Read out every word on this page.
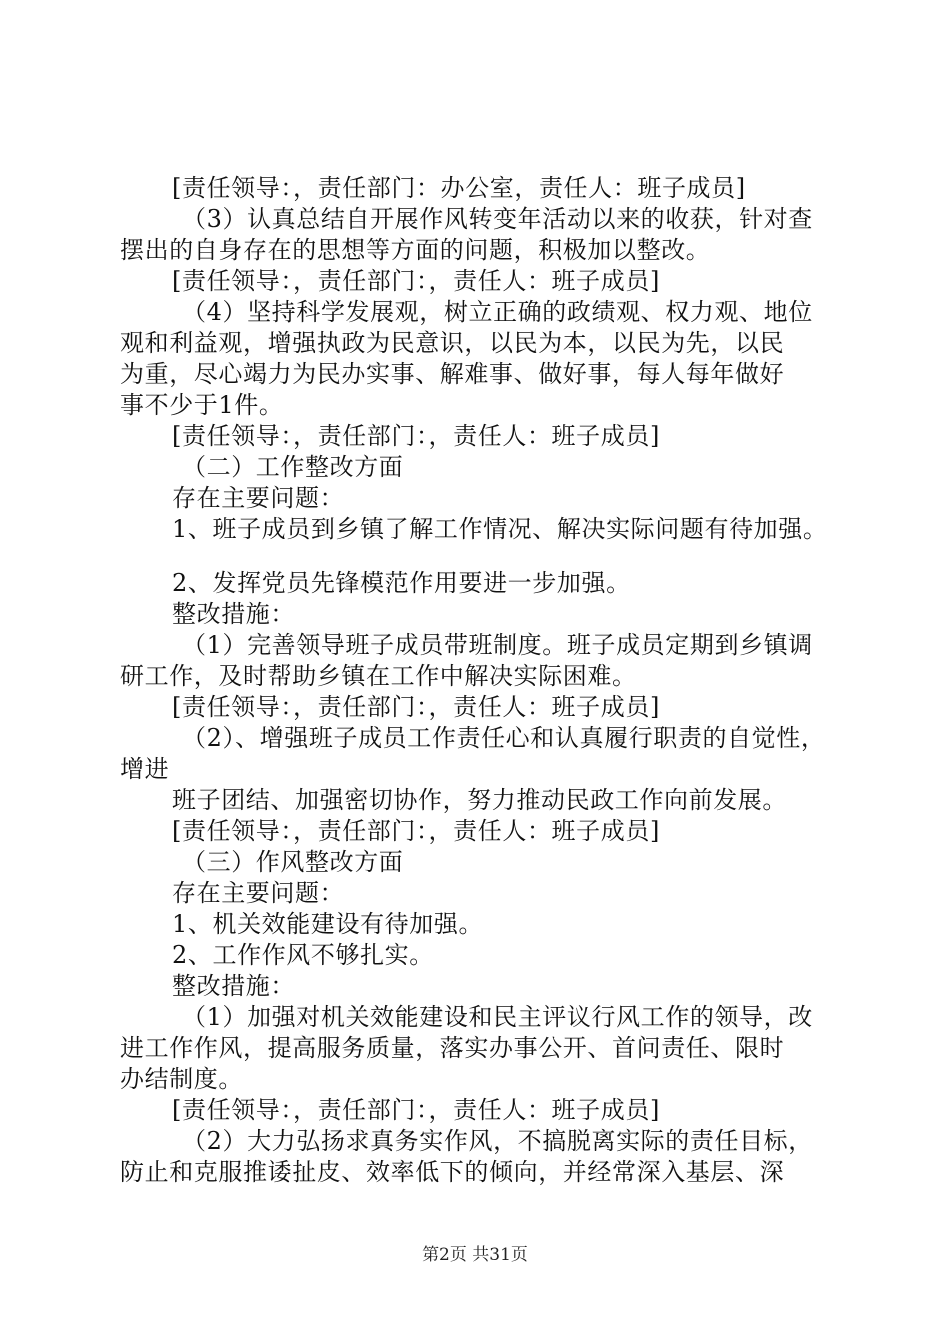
[责任领导：，责任部门：办公室，责任人：班子成员]
（3）认真总结自开展作风转变年活动以来的收获，针对查
摆出的自身存在的思想等方面的问题，积极加以整改。
[责任领导：，责任部门：，责任人：班子成员]
（4）坚持科学发展观，树立正确的政绩观、权力观、地位
观和利益观，增强执政为民意识，以民为本，以民为先，以民
为重，尽心竭力为民办实事、解难事、做好事，每人每年做好
事不少于1件。
[责任领导：，责任部门：，责任人：班子成员]
（二）工作整改方面
存在主要问题：
1、班子成员到乡镇了解工作情况、解决实际问题有待加强。
2、发挥党员先锋模范作用要进一步加强。
整改措施：
（1）完善领导班子成员带班制度。班子成员定期到乡镇调
研工作，及时帮助乡镇在工作中解决实际困难。
[责任领导：，责任部门：，责任人：班子成员]
（2）、增强班子成员工作责任心和认真履行职责的自觉性，
增进
班子团结、加强密切协作，努力推动民政工作向前发展。
[责任领导：，责任部门：，责任人：班子成员]
（三）作风整改方面
存在主要问题：
1、机关效能建设有待加强。
2、工作作风不够扎实。
整改措施：
（1）加强对机关效能建设和民主评议行风工作的领导，改
进工作作风，提高服务质量，落实办事公开、首问责任、限时
办结制度。
[责任领导：，责任部门：，责任人：班子成员]
（2）大力弘扬求真务实作风，不搞脱离实际的责任目标，
防止和克服推诿扯皮、效率低下的倾向，并经常深入基层、深
第2页 共31页
